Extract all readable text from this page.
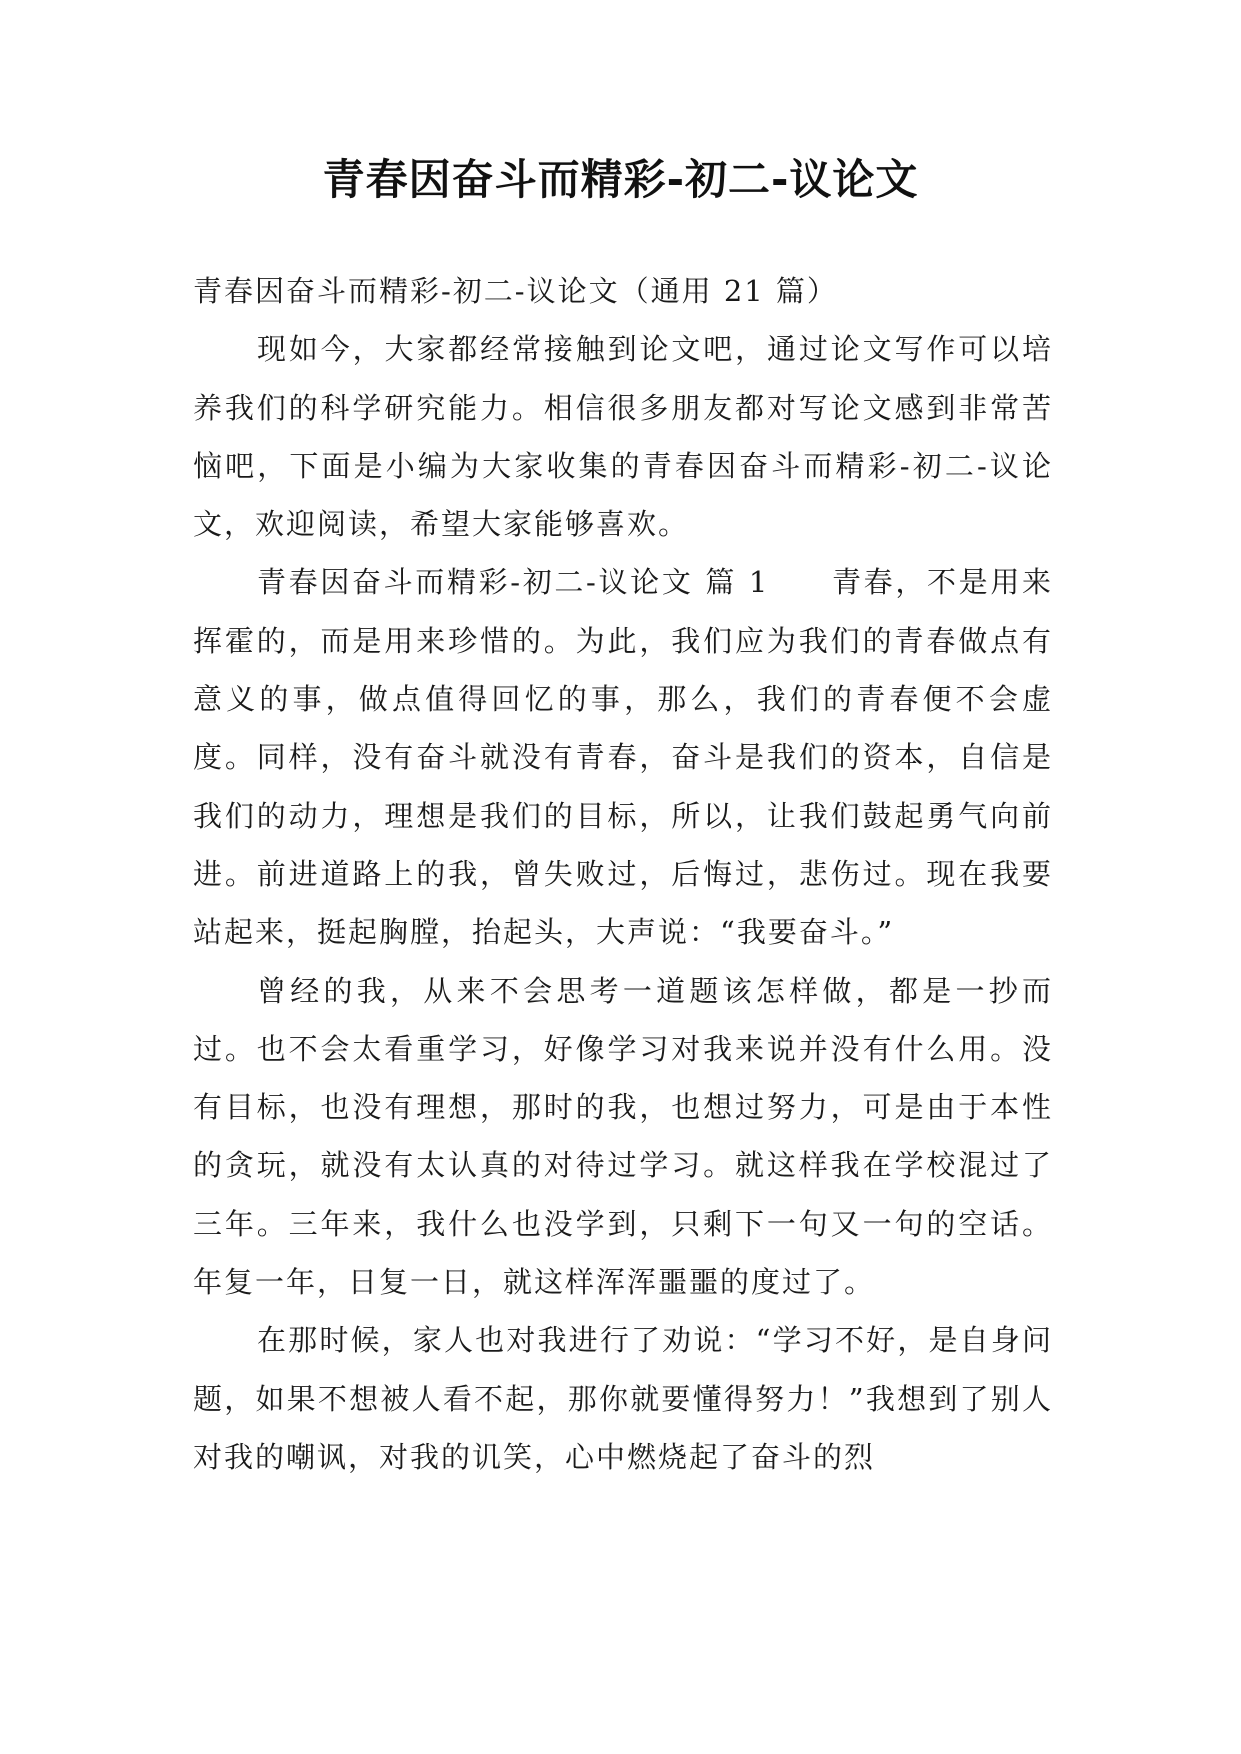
青春因奋斗而精彩-初二-议论文

青春因奋斗而精彩-初二-议论文（通用 21 篇）

现如今，大家都经常接触到论文吧，通过论文写作可以培养我们的科学研究能力。相信很多朋友都对写论文感到非常苦恼吧，下面是小编为大家收集的青春因奋斗而精彩-初二-议论文，欢迎阅读，希望大家能够喜欢。

青春因奋斗而精彩-初二-议论文 篇 1 青春，不是用来挥霍的，而是用来珍惜的。为此，我们应为我们的青春做点有意义的事，做点值得回忆的事，那么，我们的青春便不会虚度。同样，没有奋斗就没有青春，奋斗是我们的资本，自信是我们的动力，理想是我们的目标，所以，让我们鼓起勇气向前进。前进道路上的我，曾失败过，后悔过，悲伤过。现在我要站起来，挺起胸膛，抬起头，大声说：“我要奋斗。”

曾经的我，从来不会思考一道题该怎样做，都是一抄而过。也不会太看重学习，好像学习对我来说并没有什么用。没有目标，也没有理想，那时的我，也想过努力，可是由于本性的贪玩，就没有太认真的对待过学习。就这样我在学校混过了三年。三年来，我什么也没学到，只剩下一句又一句的空话。年复一年，日复一日，就这样浑浑噩噩的度过了。

在那时候，家人也对我进行了劝说：“学习不好，是自身问题，如果不想被人看不起，那你就要懂得努力！”我想到了别人对我的嘲讽，对我的讥笑，心中燃烧起了奋斗的烈
